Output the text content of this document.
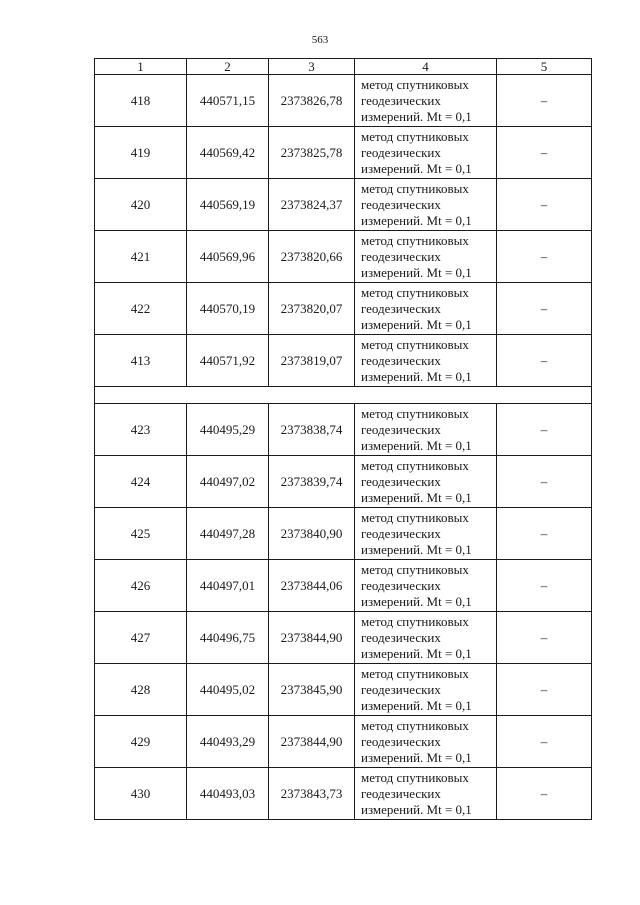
563
1	2	3	4	5
418	440571,15	2373826,78	метод спутниковых
геодезических
измерений. Mt = 0,1	–
419	440569,42	2373825,78	метод спутниковых
геодезических
измерений. Mt = 0,1	–
420	440569,19	2373824,37	метод спутниковых
геодезических
измерений. Mt = 0,1	–
421	440569,96	2373820,66	метод спутниковых
геодезических
измерений. Mt = 0,1	–
422	440570,19	2373820,07	метод спутниковых
геодезических
измерений. Mt = 0,1	–
413	440571,92	2373819,07	метод спутниковых
геодезических
измерений. Mt = 0,1	–

423	440495,29	2373838,74	метод спутниковых
геодезических
измерений. Mt = 0,1	–
424	440497,02	2373839,74	метод спутниковых
геодезических
измерений. Mt = 0,1	–
425	440497,28	2373840,90	метод спутниковых
геодезических
измерений. Mt = 0,1	–
426	440497,01	2373844,06	метод спутниковых
геодезических
измерений. Mt = 0,1	–
427	440496,75	2373844,90	метод спутниковых
геодезических
измерений. Mt = 0,1	–
428	440495,02	2373845,90	метод спутниковых
геодезических
измерений. Mt = 0,1	–
429	440493,29	2373844,90	метод спутниковых
геодезических
измерений. Mt = 0,1	–
430	440493,03	2373843,73	метод спутниковых
геодезических
измерений. Mt = 0,1	–
